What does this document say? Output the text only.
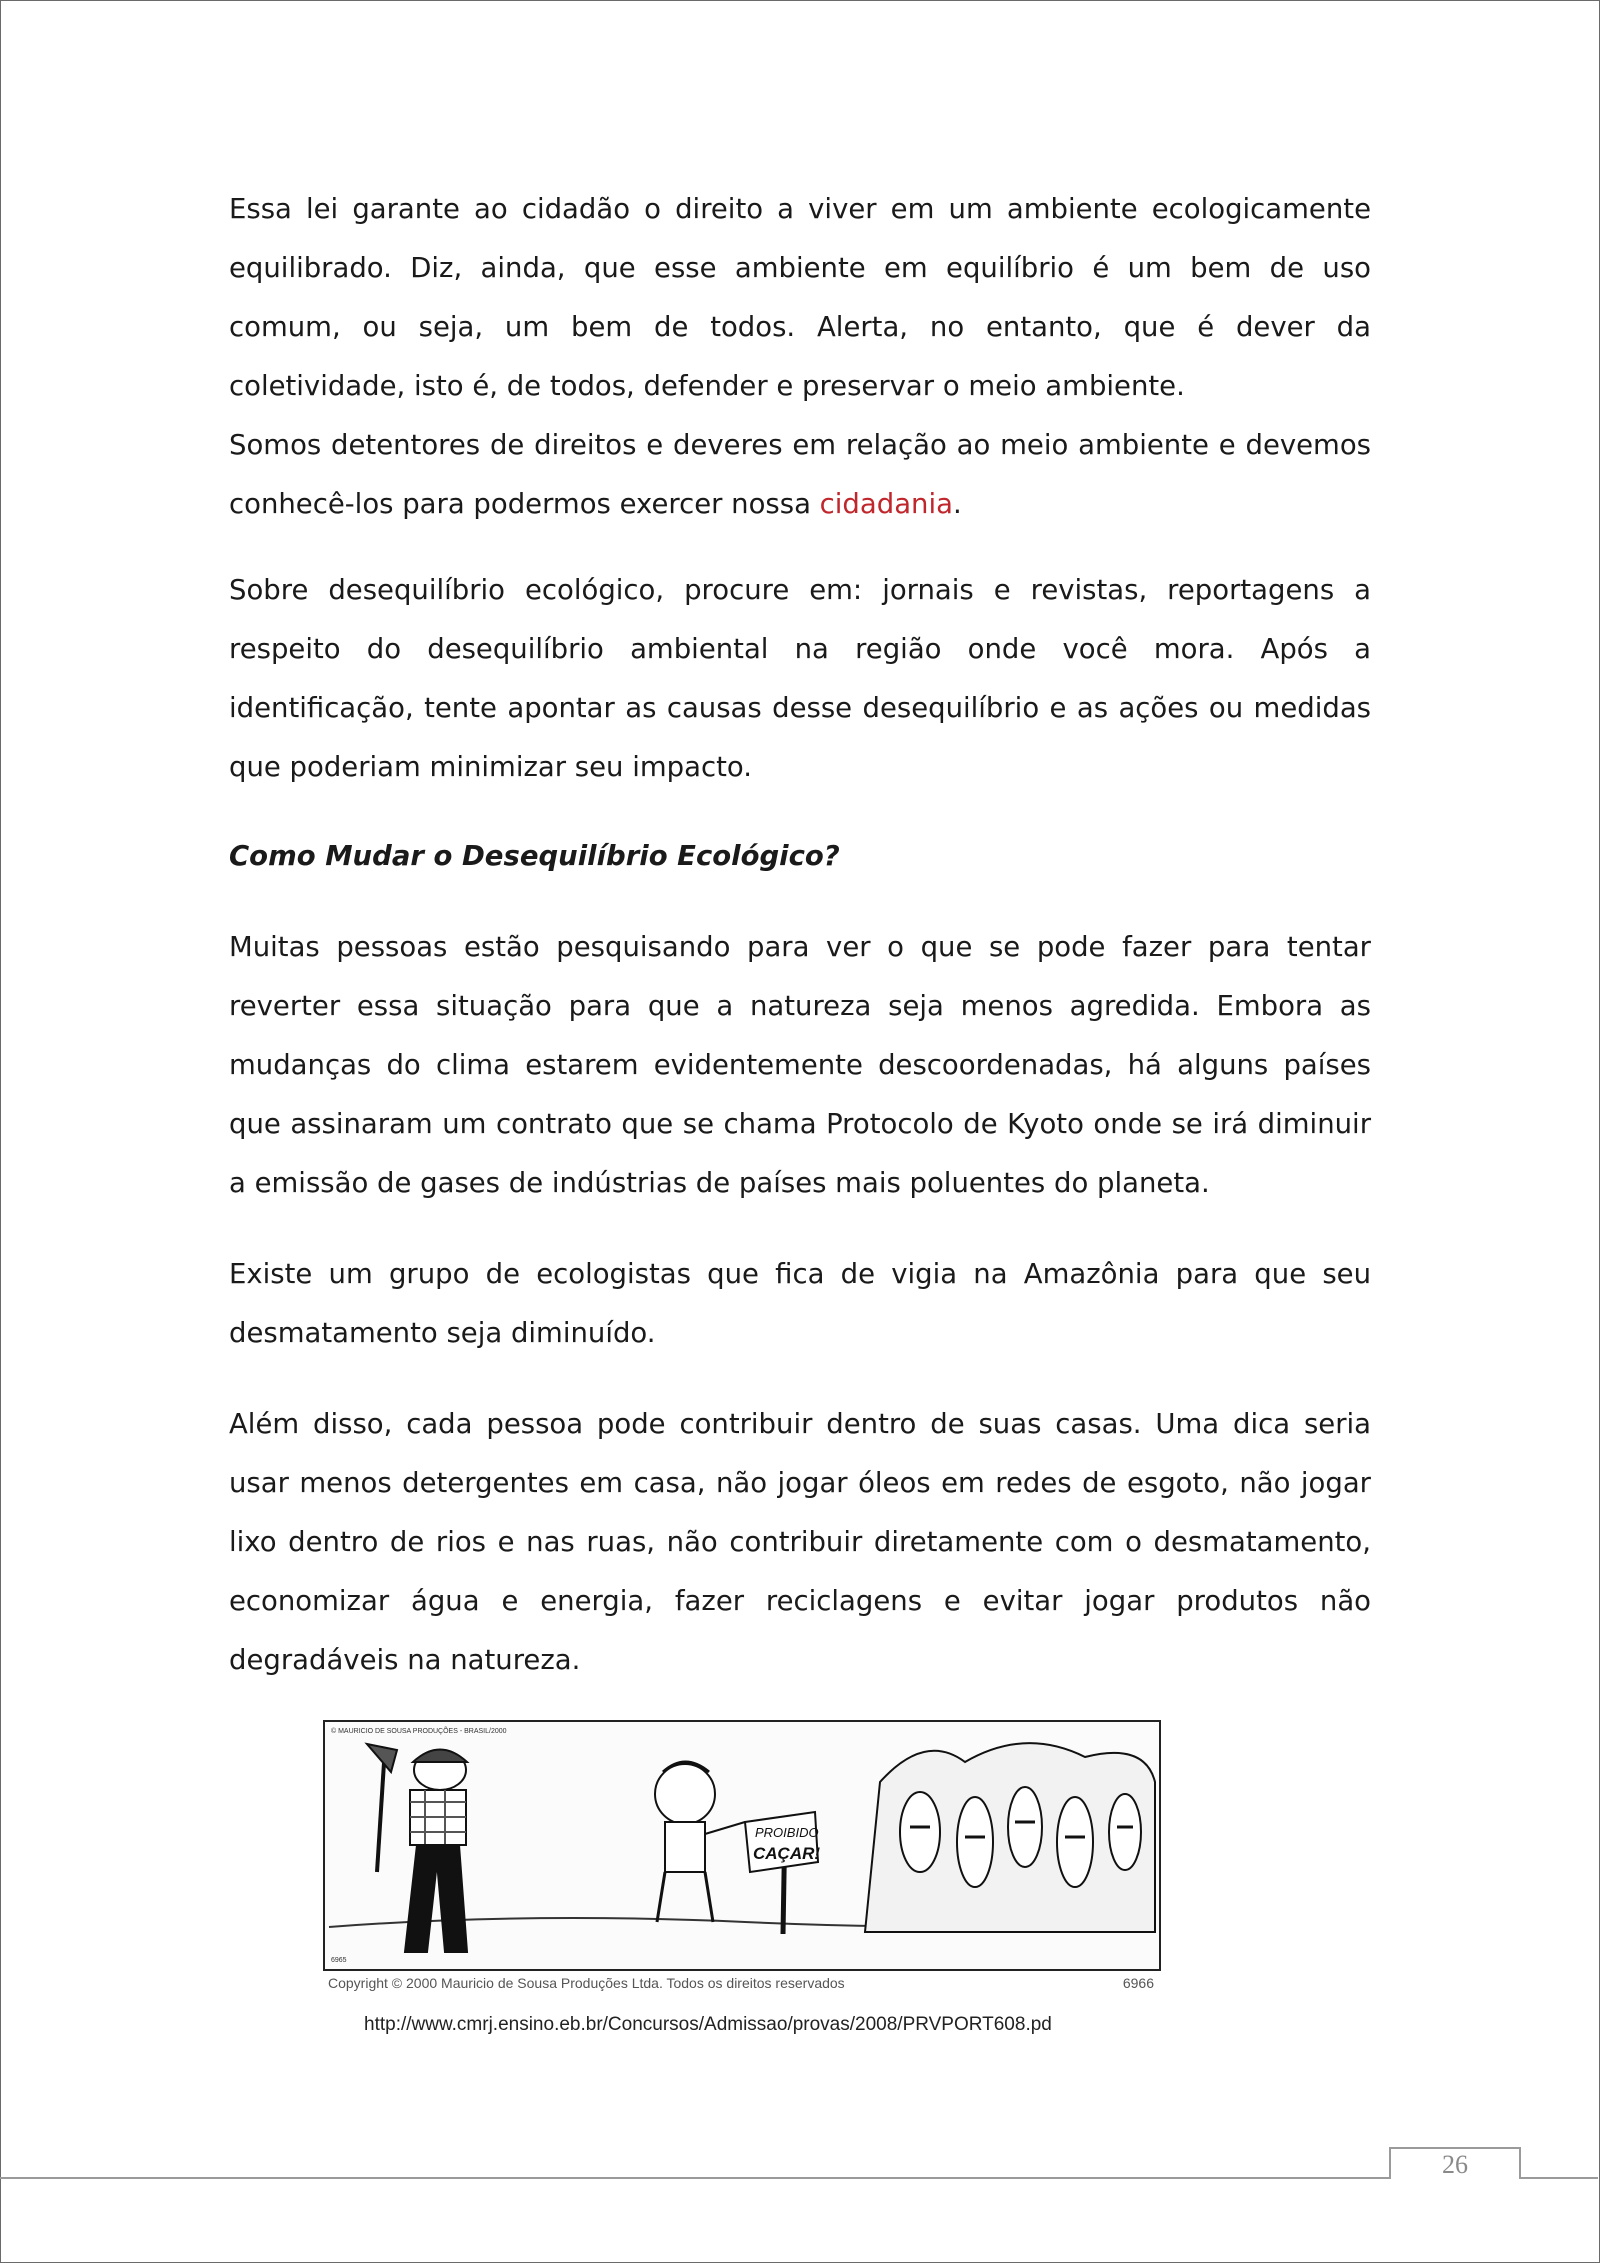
Essa lei garante ao cidadão o direito a viver em um ambiente ecologicamente equilibrado. Diz, ainda, que esse ambiente em equilíbrio é um bem de uso comum, ou seja, um bem de todos. Alerta, no entanto, que é dever da coletividade, isto é, de todos, defender e preservar o meio ambiente.

Somos detentores de direitos e deveres em relação ao meio ambiente e devemos conhecê-los para podermos exercer nossa cidadania.

Sobre desequilíbrio ecológico, procure em: jornais e revistas, reportagens a respeito do desequilíbrio ambiental na região onde você mora. Após a identificação, tente apontar as causas desse desequilíbrio e as ações ou medidas que poderiam minimizar seu impacto.

Como Mudar o Desequilíbrio Ecológico?

Muitas pessoas estão pesquisando para ver o que se pode fazer para tentar reverter essa situação para que a natureza seja menos agredida. Embora as mudanças do clima estarem evidentemente descoordenadas, há alguns países que assinaram um contrato que se chama Protocolo de Kyoto onde se irá diminuir a emissão de gases de indústrias de países mais poluentes do planeta.

Existe um grupo de ecologistas que fica de vigia na Amazônia para que seu desmatamento seja diminuído.

Além disso, cada pessoa pode contribuir dentro de suas casas. Uma dica seria usar menos detergentes em casa, não jogar óleos em redes de esgoto, não jogar lixo dentro de rios e nas ruas, não contribuir diretamente com o desmatamento, economizar água e energia, fazer reciclagens e evitar jogar produtos não degradáveis na natureza.

© MAURICIO DE SOUSA PRODUÇÕES - BRASIL/2000
PROIBIDO
CAÇAR!
6965
Copyright © 2000 Mauricio de Sousa Produções Ltda. Todos os direitos reservados	6966
http://www.cmrj.ensino.eb.br/Concursos/Admissao/provas/2008/PRVPORT608.pd
26
